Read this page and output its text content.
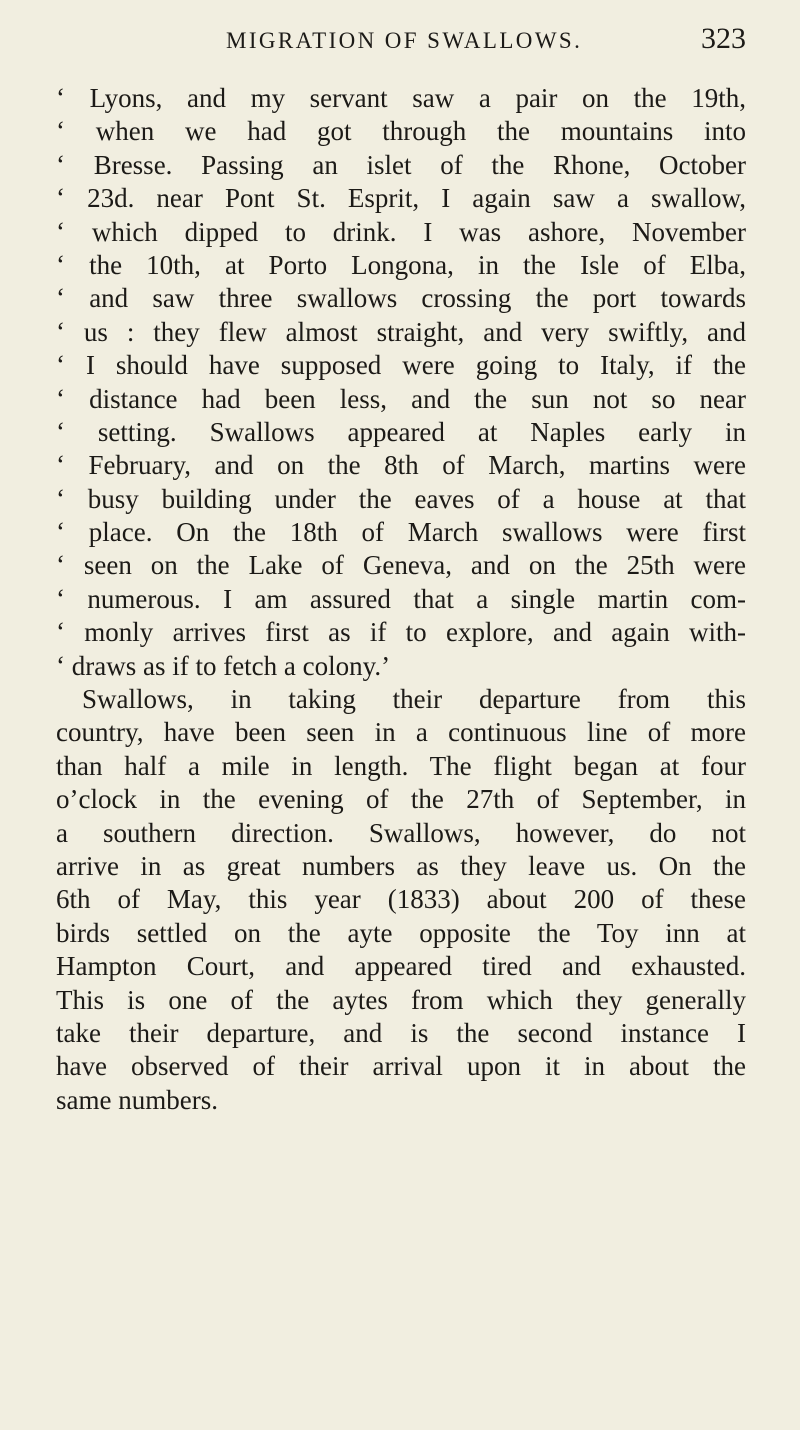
MIGRATION OF SWALLOWS.	323
‘ Lyons, and my servant saw a pair on the 19th,
‘ when we had got through the mountains into
‘ Bresse. Passing an islet of the Rhone, October
‘ 23d. near Pont St. Esprit, I again saw a swallow,
‘ which dipped to drink. I was ashore, November
‘ the 10th, at Porto Longona, in the Isle of Elba,
‘ and saw three swallows crossing the port towards
‘ us : they flew almost straight, and very swiftly, and
‘ I should have supposed were going to Italy, if the
‘ distance had been less, and the sun not so near
‘ setting. Swallows appeared at Naples early in
‘ February, and on the 8th of March, martins were
‘ busy building under the eaves of a house at that
‘ place. On the 18th of March swallows were first
‘ seen on the Lake of Geneva, and on the 25th were
‘ numerous. I am assured that a single martin com-
‘ monly arrives first as if to explore, and again with-
‘ draws as if to fetch a colony.’
Swallows, in taking their departure from this
country, have been seen in a continuous line of more
than half a mile in length. The flight began at four
o’clock in the evening of the 27th of September, in
a southern direction. Swallows, however, do not
arrive in as great numbers as they leave us. On the
6th of May, this year (1833) about 200 of these
birds settled on the ayte opposite the Toy inn at
Hampton Court, and appeared tired and exhausted.
This is one of the aytes from which they generally
take their departure, and is the second instance I
have observed of their arrival upon it in about the
same numbers.
